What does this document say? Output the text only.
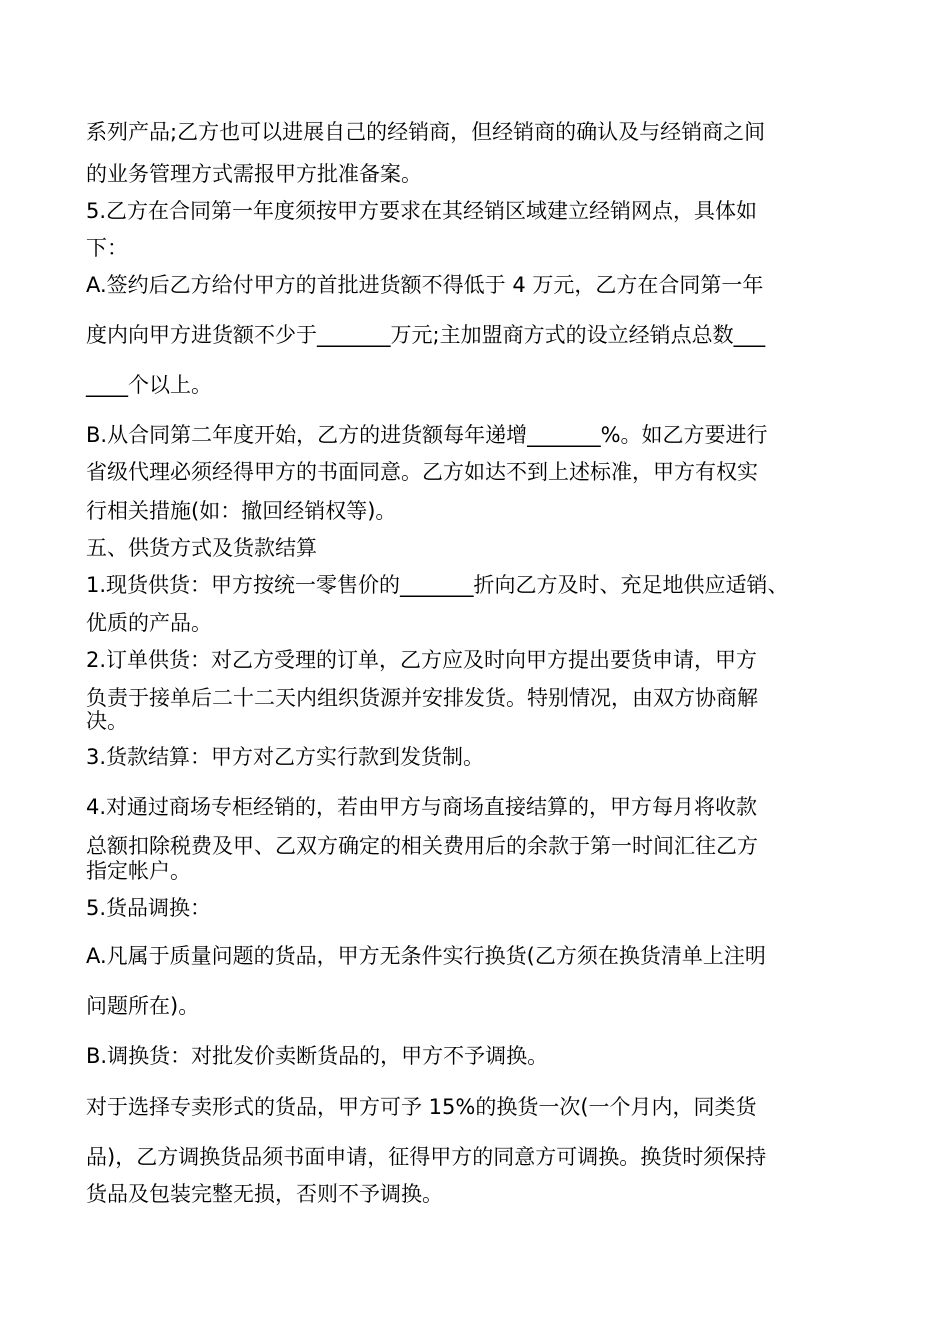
系列产品;乙方也可以进展自己的经销商，但经销商的确认及与经销商之间

的业务管理方式需报甲方批准备案。

5.乙方在合同第一年度须按甲方要求在其经销区域建立经销网点，具体如

下：

A.签约后乙方给付甲方的首批进货额不得低于 4 万元，乙方在合同第一年

度内向甲方进货额不少于_______万元;主加盟商方式的设立经销点总数___

____个以上。

B.从合同第二年度开始，乙方的进货额每年递增_______%。如乙方要进行

省级代理必须经得甲方的书面同意。乙方如达不到上述标准，甲方有权实

行相关措施(如：撤回经销权等)。

五、供货方式及货款结算

1.现货供货：甲方按统一零售价的_______折向乙方及时、充足地供应适销、

优质的产品。

2.订单供货：对乙方受理的订单，乙方应及时向甲方提出要货申请，甲方

负责于接单后二十二天内组织货源并安排发货。特别情况，由双方协商解

决。

3.货款结算：甲方对乙方实行款到发货制。

4.对通过商场专柜经销的，若由甲方与商场直接结算的，甲方每月将收款

总额扣除税费及甲、乙双方确定的相关费用后的余款于第一时间汇往乙方

指定帐户。

5.货品调换：

A.凡属于质量问题的货品，甲方无条件实行换货(乙方须在换货清单上注明

问题所在)。

B.调换货：对批发价卖断货品的，甲方不予调换。

对于选择专卖形式的货品，甲方可予 15%的换货一次(一个月内，同类货

品)，乙方调换货品须书面申请，征得甲方的同意方可调换。换货时须保持

货品及包装完整无损，否则不予调换。
